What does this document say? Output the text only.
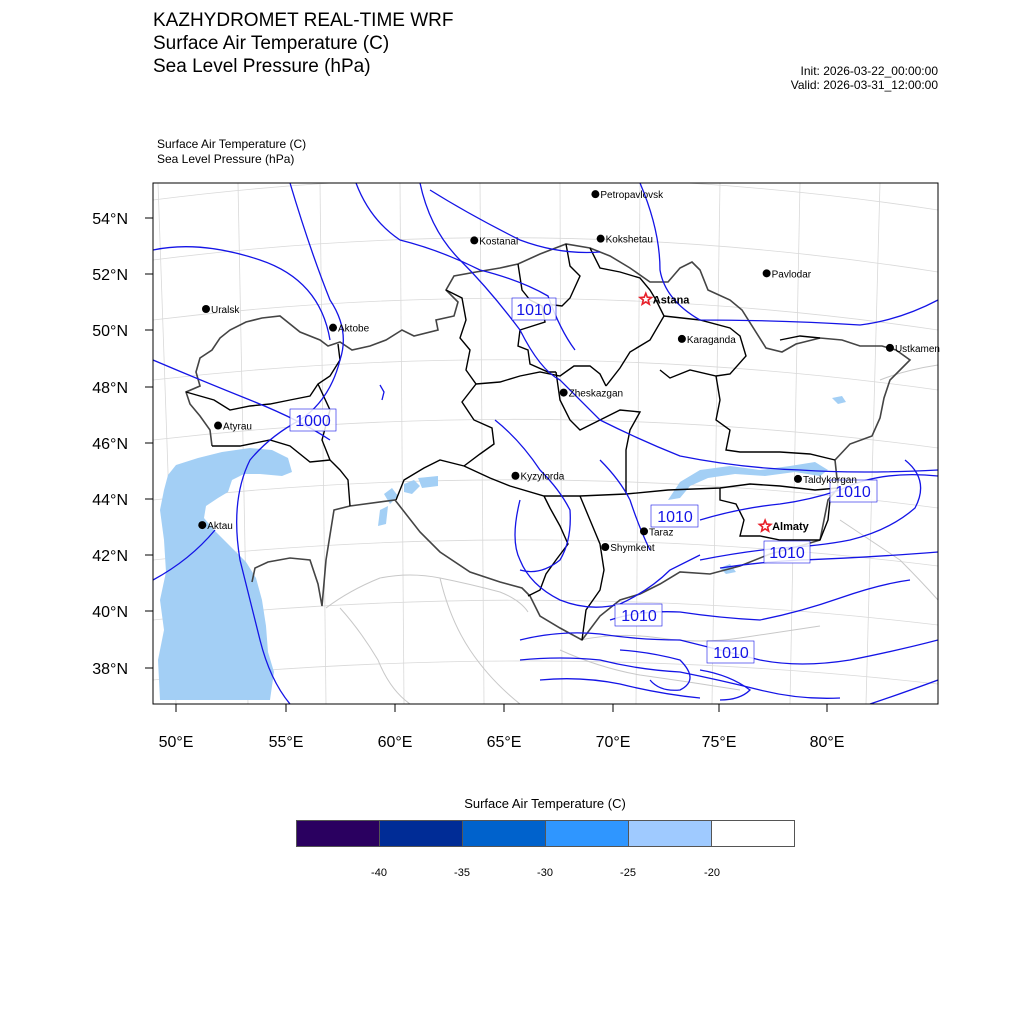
KAZHYDROMET REAL-TIME WRF
Surface Air Temperature (C)
Sea Level Pressure (hPa)	Init: 2026-03-22_00:00:00
Valid: 2026-03-31_12:00:00
Surface Air Temperature (C)
Sea Level Pressure (hPa)
1010
1000
1010
1010
1010
1010
1010
54°N
52°N
50°N
48°N
46°N
44°N
42°N
40°N
38°N
50°E	55°E	60°E	65°E	70°E	75°E	80°E
Petropavlovsk
Kostanai	Kokshetau
Pavlodar
Uralsk
Astana
Ustkamen
Aktobe
Karaganda
Atyrau
Zheskazgan
Taldykorgan
Kyzylorda
Aktau	Almaty
Taraz
Shymkent
Surface Air Temperature (C)
-40	-35	-30	-25	-20
